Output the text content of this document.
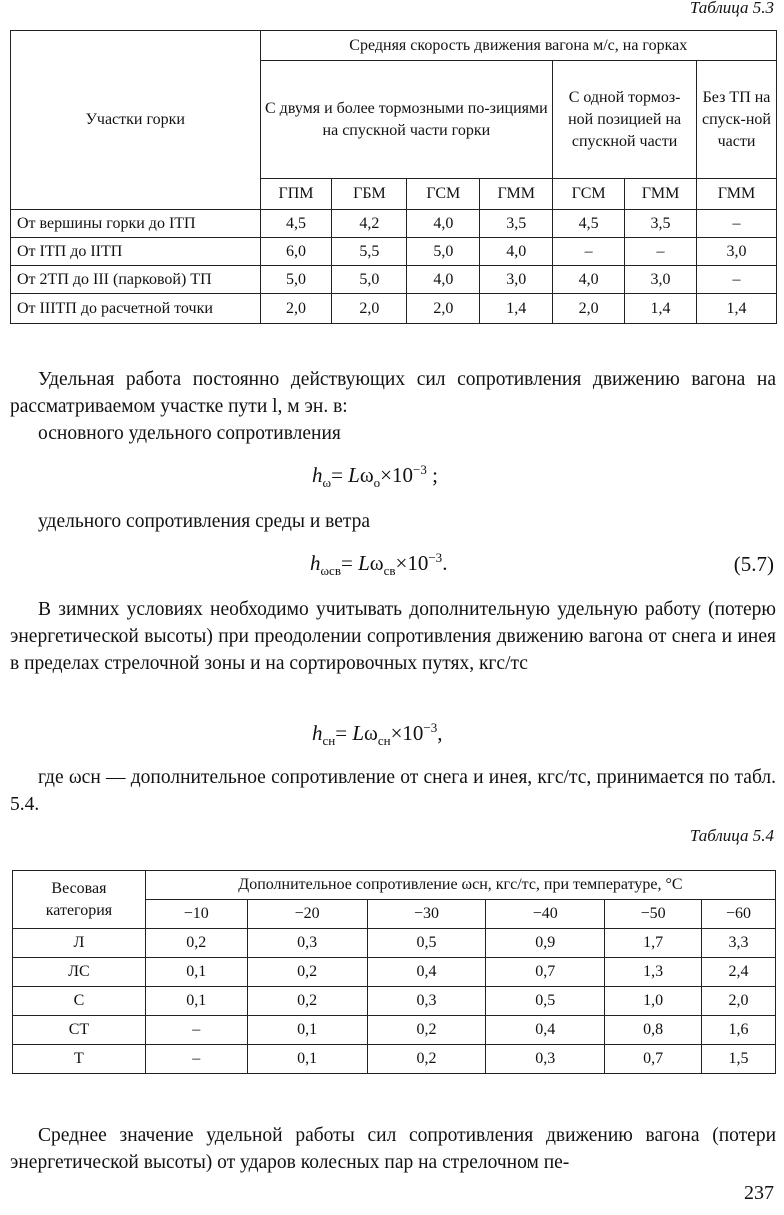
Таблица 5.3
Участки горки	Средняя скорость движения вагона м/с, на горках						
	С двумя и более тормозными по-зициями на спускной части горки				С одной тормоз-ной позицией на спускной части		Без ТП на спуск-ной части
	ГПМ	ГБМ	ГСМ	ГММ	ГСМ	ГММ	ГММ
От вершины горки до ІТП	4,5	4,2	4,0	3,5	4,5	3,5	–
От ІТП до ІІТП	6,0	5,5	5,0	4,0	–	–	3,0
От 2ТП до III (парковой) ТП	5,0	5,0	4,0	3,0	4,0	3,0	–
От ІІІТП до расчетной точки	2,0	2,0	2,0	1,4	2,0	1,4	1,4
Удельная работа постоянно действующих сил сопротивления движению вагона на рассматриваемом участке пути l, м эн. в:
основного удельного сопротивления
$h_\omega= L\omega_о\times 10^{-3}$ ;
удельного сопротивления среды и ветра
$h_{\omega св}= L\omega_{св}\times 10^{-3}$.	(5.7)
В зимних условиях необходимо учитывать дополнительную удельную работу (потерю энергетической высоты) при преодолении сопротивления движению вагона от снега и инея в пределах стрелочной зоны и на сортировочных путях, кгс/тс
$h_{сн}= L\omega_{сн}\times 10^{-3}$,
где ωсн — дополнительное сопротивление от снега и инея, кгс/тс, принимается по табл. 5.4.
Таблица 5.4
Весовая категория	Дополнительное сопротивление ωсн, кгс/тс, при температуре, °С					
	−10	−20	−30	−40	−50	−60
Л	0,2	0,3	0,5	0,9	1,7	3,3
ЛС	0,1	0,2	0,4	0,7	1,3	2,4
С	0,1	0,2	0,3	0,5	1,0	2,0
СТ	–	0,1	0,2	0,4	0,8	1,6
Т	–	0,1	0,2	0,3	0,7	1,5
Среднее значение удельной работы сил сопротивления движению вагона (потери энергетической высоты) от ударов колесных пар на стрелочном пе-
237
